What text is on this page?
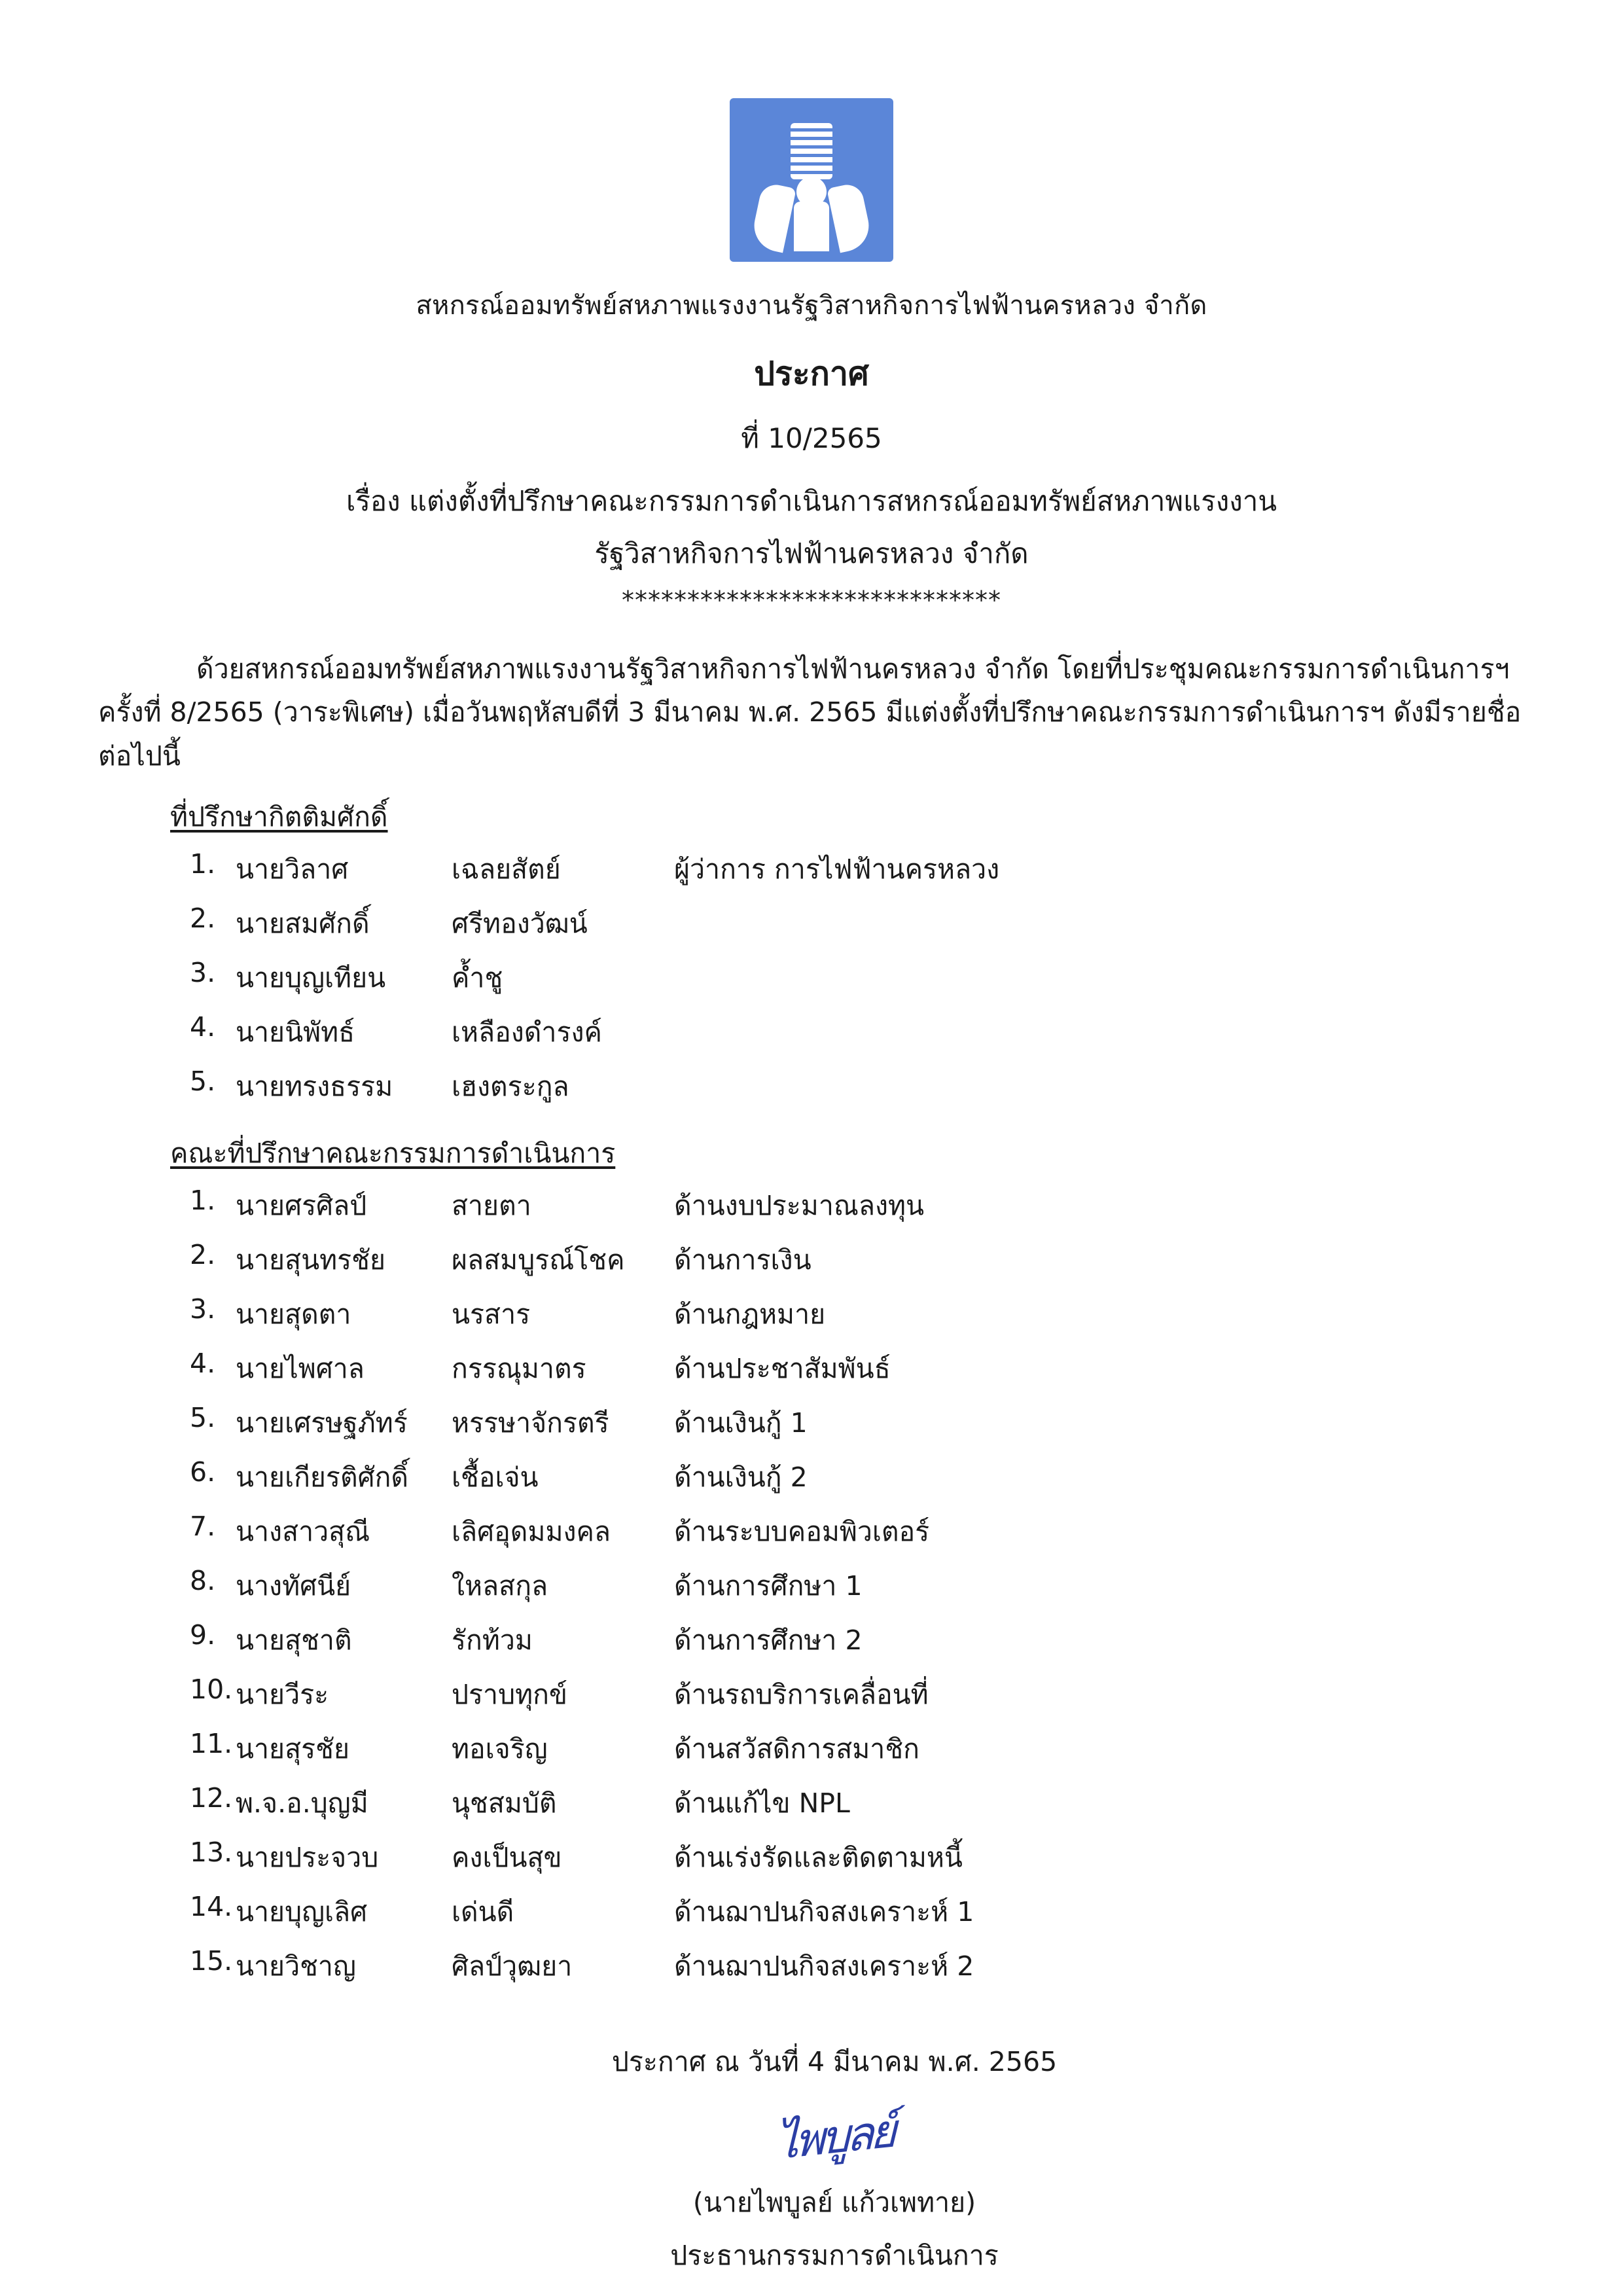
สหกรณ์ออมทรัพย์สหภาพแรงงานรัฐวิสาหกิจการไฟฟ้านครหลวง จำกัด
ประกาศ
ที่ 10/2565
เรื่อง แต่งตั้งที่ปรึกษาคณะกรรมการดำเนินการสหกรณ์ออมทรัพย์สหภาพแรงงาน
รัฐวิสาหกิจการไฟฟ้านครหลวง จำกัด
*****************************
ด้วยสหกรณ์ออมทรัพย์สหภาพแรงงานรัฐวิสาหกิจการไฟฟ้านครหลวง จำกัด โดยที่ประชุมคณะกรรมการดำเนินการฯ ครั้งที่ 8/2565 (วาระพิเศษ) เมื่อวันพฤหัสบดีที่ 3 มีนาคม พ.ศ. 2565 มีแต่งตั้งที่ปรึกษาคณะกรรมการดำเนินการฯ ดังมีรายชื่อต่อไปนี้
ที่ปรึกษากิตติมศักดิ์
1.	นายวิลาศ	เฉลยสัตย์	ผู้ว่าการ การไฟฟ้านครหลวง
2.	นายสมศักดิ์	ศรีทองวัฒน์	
3.	นายบุญเทียน	ค้ำชู	
4.	นายนิพัทธ์	เหลืองดำรงค์	
5.	นายทรงธรรม	เฮงตระกูล	
คณะที่ปรึกษาคณะกรรมการดำเนินการ
1.	นายศรศิลป์	สายตา	ด้านงบประมาณลงทุน
2.	นายสุนทรชัย	ผลสมบูรณ์โชค	ด้านการเงิน
3.	นายสุดตา	นรสาร	ด้านกฎหมาย
4.	นายไพศาล	กรรณุมาตร	ด้านประชาสัมพันธ์
5.	นายเศรษฐภัทร์	หรรษาจักรตรี	ด้านเงินกู้ 1
6.	นายเกียรติศักดิ์	เชื้อเจ่น	ด้านเงินกู้ 2
7.	นางสาวสุณี	เลิศอุดมมงคล	ด้านระบบคอมพิวเตอร์
8.	นางทัศนีย์	ใหลสกุล	ด้านการศึกษา 1
9.	นายสุชาติ	รักท้วม	ด้านการศึกษา 2
10.	นายวีระ	ปราบทุกข์	ด้านรถบริการเคลื่อนที่
11.	นายสุรชัย	ทอเจริญ	ด้านสวัสดิการสมาชิก
12.	พ.จ.อ.บุญมี	นุชสมบัติ	ด้านแก้ไข NPL
13.	นายประจวบ	คงเป็นสุข	ด้านเร่งรัดและติดตามหนี้
14.	นายบุญเลิศ	เด่นดี	ด้านฌาปนกิจสงเคราะห์ 1
15.	นายวิชาญ	ศิลป์วุฒยา	ด้านฌาปนกิจสงเคราะห์ 2
ประกาศ ณ วันที่ 4 มีนาคม พ.ศ. 2565
ไพบูลย์
(นายไพบูลย์ แก้วเพทาย)
ประธานกรรมการดำเนินการ
